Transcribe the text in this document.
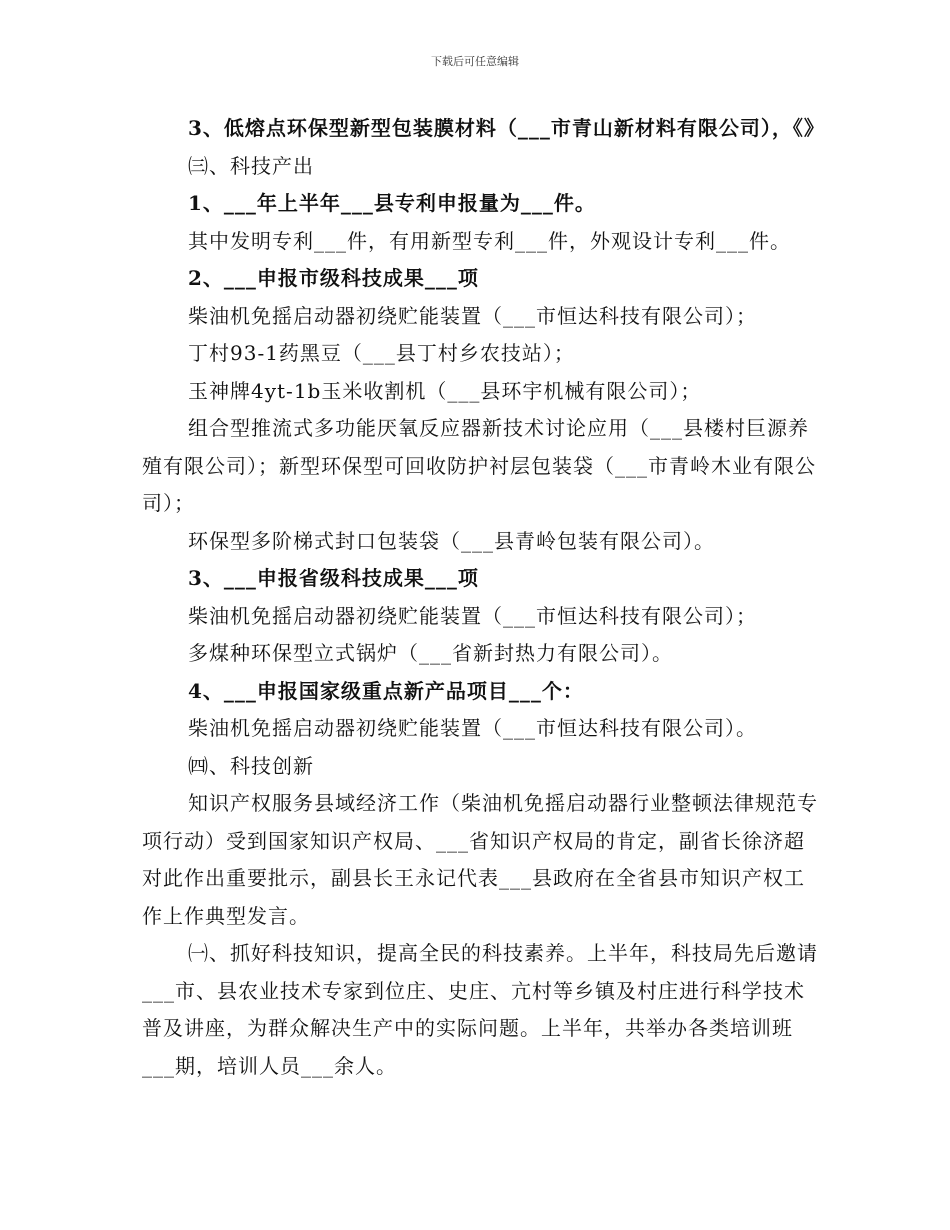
下载后可任意编辑

3、低熔点环保型新型包装膜材料（___市青山新材料有限公司），《》

㈢、科技产出

1、___年上半年___县专利申报量为___件。

其中发明专利___件，有用新型专利___件，外观设计专利___件。

2、___申报市级科技成果___项

柴油机免摇启动器初绕贮能装置（___市恒达科技有限公司）；

丁村93-1药黑豆（___县丁村乡农技站）；

玉神牌4yt-1b玉米收割机（___县环宇机械有限公司）；

组合型推流式多功能厌氧反应器新技术讨论应用（___县楼村巨源养殖有限公司）；新型环保型可回收防护衬层包装袋（___市青岭木业有限公司）；

环保型多阶梯式封口包装袋（___县青岭包装有限公司）。

3、___申报省级科技成果___项

柴油机免摇启动器初绕贮能装置（___市恒达科技有限公司）；

多煤种环保型立式锅炉（___省新封热力有限公司）。

4、___申报国家级重点新产品项目___个：

柴油机免摇启动器初绕贮能装置（___市恒达科技有限公司）。

㈣、科技创新

知识产权服务县域经济工作（柴油机免摇启动器行业整顿法律规范专项行动）受到国家知识产权局、___省知识产权局的肯定，副省长徐济超对此作出重要批示，副县长王永记代表___县政府在全省县市知识产权工作上作典型发言。

㈠、抓好科技知识，提高全民的科技素养。上半年，科技局先后邀请___市、县农业技术专家到位庄、史庄、亢村等乡镇及村庄进行科学技术普及讲座，为群众解决生产中的实际问题。上半年，共举办各类培训班___期，培训人员___余人。
